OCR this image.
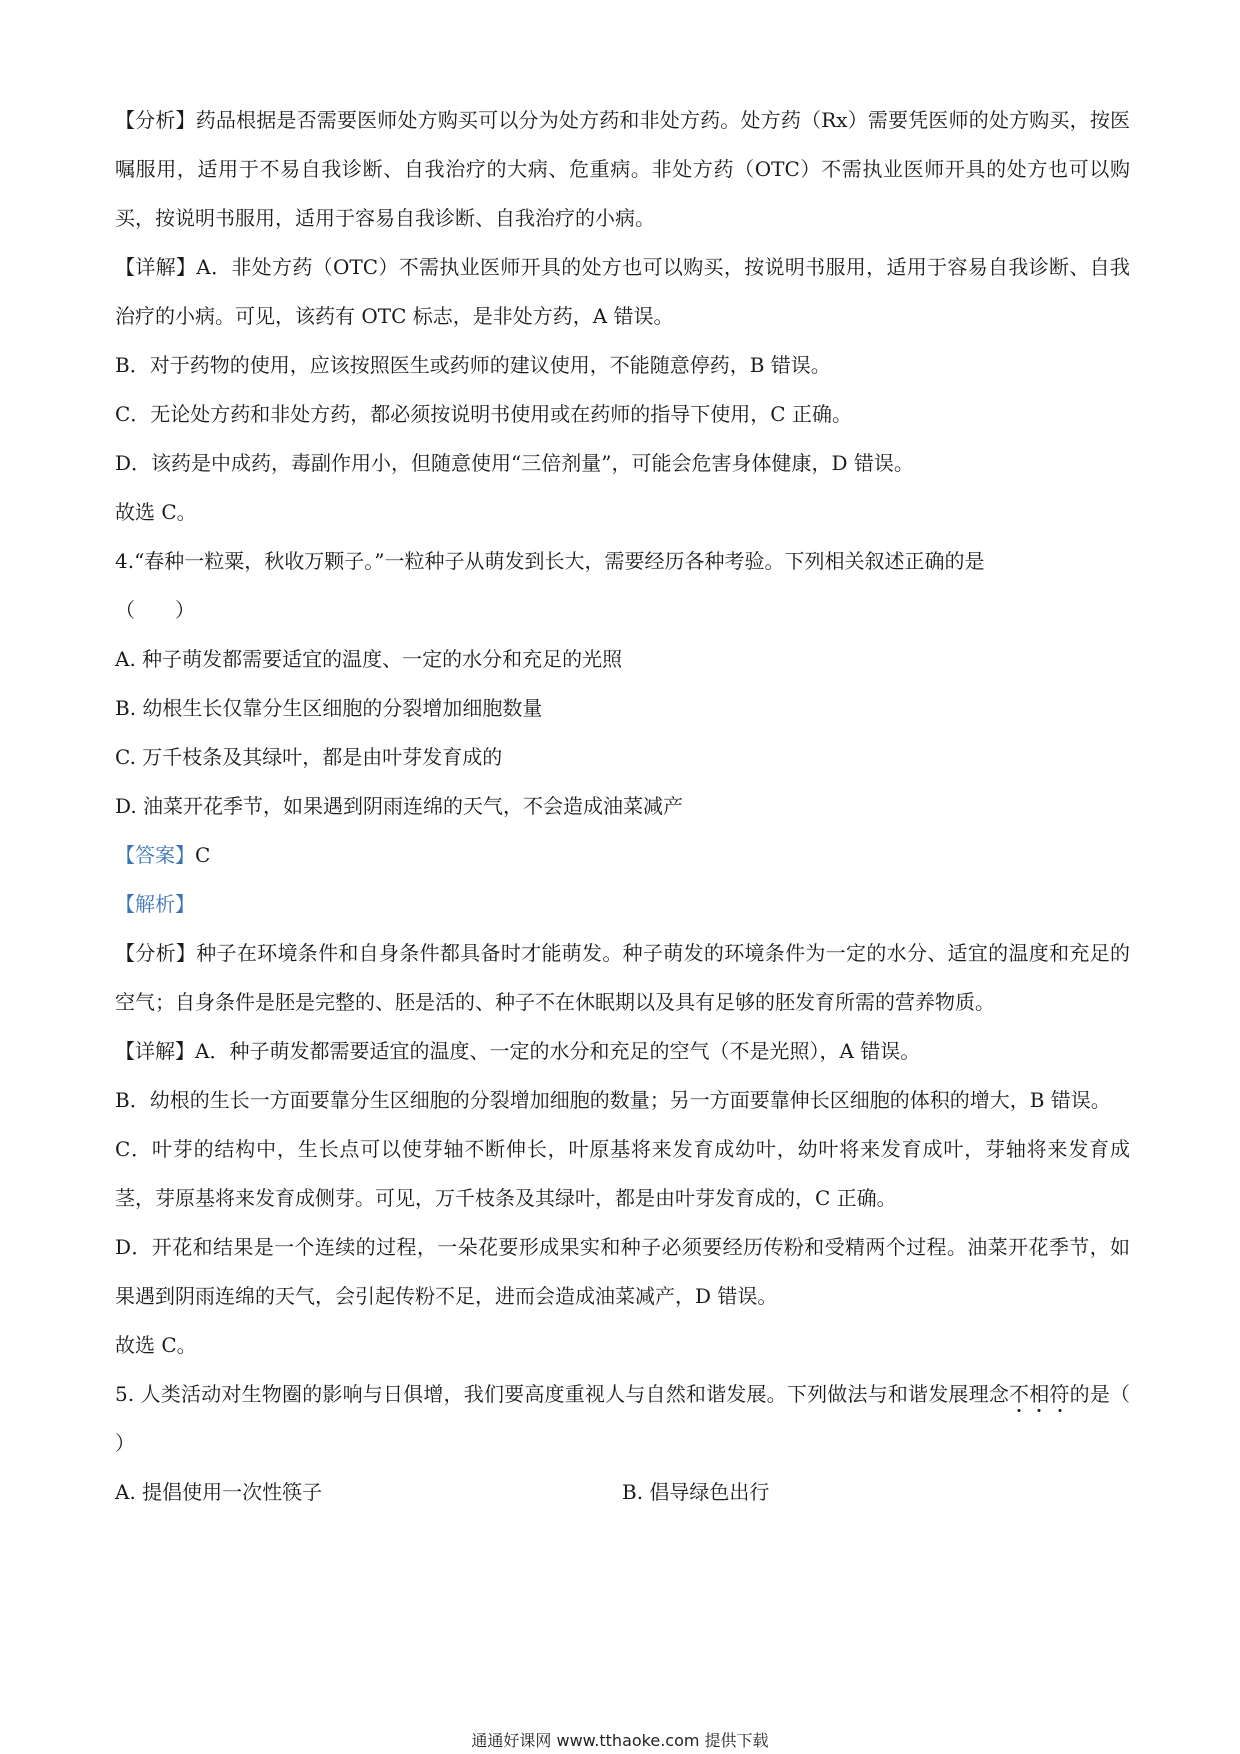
【分析】药品根据是否需要医师处方购买可以分为处方药和非处方药。处方药（Rx）需要凭医师的处方购买，按医嘱服用，适用于不易自我诊断、自我治疗的大病、危重病。非处方药（OTC）不需执业医师开具的处方也可以购买，按说明书服用，适用于容易自我诊断、自我治疗的小病。

【详解】A．非处方药（OTC）不需执业医师开具的处方也可以购买，按说明书服用，适用于容易自我诊断、自我治疗的小病。可见，该药有 OTC 标志，是非处方药，A 错误。

B．对于药物的使用，应该按照医生或药师的建议使用，不能随意停药，B 错误。

C．无论处方药和非处方药，都必须按说明书使用或在药师的指导下使用，C 正确。

D．该药是中成药，毒副作用小，但随意使用“三倍剂量”，可能会危害身体健康，D 错误。

故选 C。

4.“春种一粒粟，秋收万颗子。”一粒种子从萌发到长大，需要经历各种考验。下列相关叙述正确的是

（　　）

A. 种子萌发都需要适宜的温度、一定的水分和充足的光照

B. 幼根生长仅靠分生区细胞的分裂增加细胞数量

C. 万千枝条及其绿叶，都是由叶芽发育成的

D. 油菜开花季节，如果遇到阴雨连绵的天气，不会造成油菜减产

【答案】C

【解析】

【分析】种子在环境条件和自身条件都具备时才能萌发。种子萌发的环境条件为一定的水分、适宜的温度和充足的空气；自身条件是胚是完整的、胚是活的、种子不在休眠期以及具有足够的胚发育所需的营养物质。

【详解】A．种子萌发都需要适宜的温度、一定的水分和充足的空气（不是光照），A 错误。

B．幼根的生长一方面要靠分生区细胞的分裂增加细胞的数量；另一方面要靠伸长区细胞的体积的增大，B 错误。

C．叶芽的结构中，生长点可以使芽轴不断伸长，叶原基将来发育成幼叶，幼叶将来发育成叶，芽轴将来发育成茎，芽原基将来发育成侧芽。可见，万千枝条及其绿叶，都是由叶芽发育成的，C 正确。

D．开花和结果是一个连续的过程，一朵花要形成果实和种子必须要经历传粉和受精两个过程。油菜开花季节，如果遇到阴雨连绵的天气，会引起传粉不足，进而会造成油菜减产，D 错误。

故选 C。

5. 人类活动对生物圈的影响与日俱增，我们要高度重视人与自然和谐发展。下列做法与和谐发展理念不相符的是（　　）

A. 提倡使用一次性筷子	B. 倡导绿色出行
通通好课网 www.tthaoke.com 提供下载
